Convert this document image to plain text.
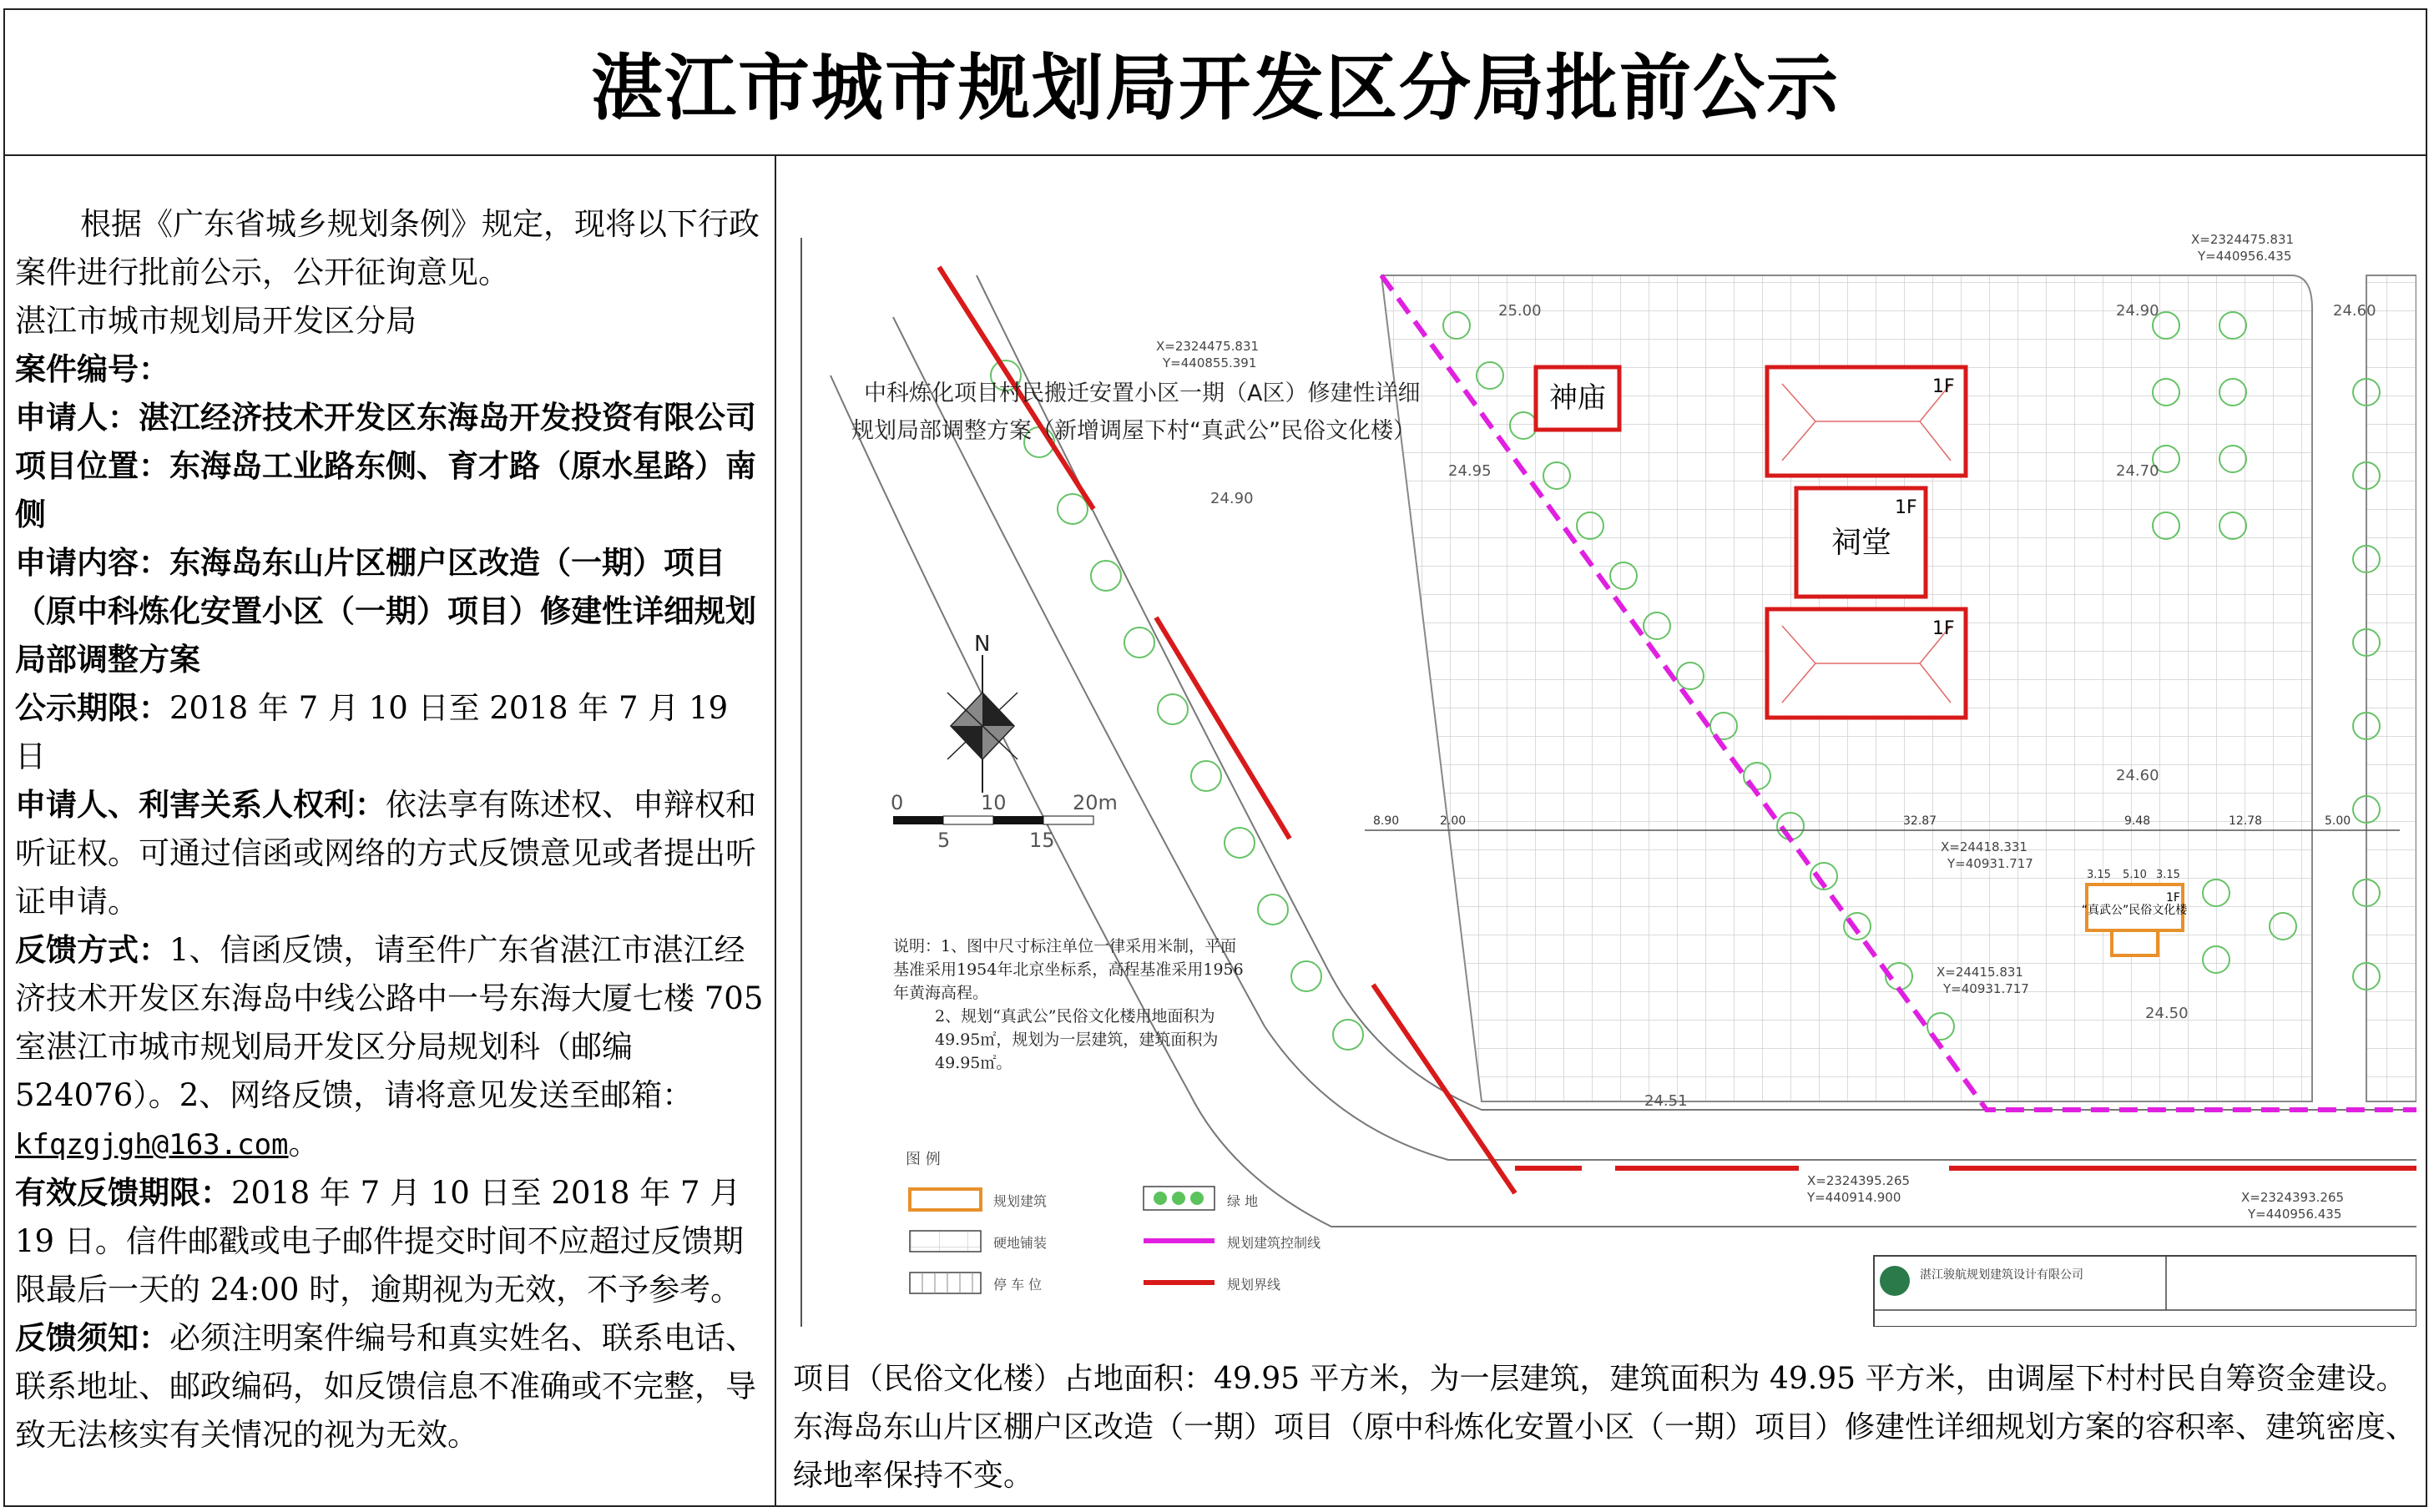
湛江市城市规划局开发区分局批前公示

根据《广东省城乡规划条例》规定，现将以下行政案件进行批前公示，公开征询意见。

湛江市城市规划局开发区分局

案件编号：

申请人：湛江经济技术开发区东海岛开发投资有限公司

项目位置：东海岛工业路东侧、育才路（原水星路）南侧

申请内容：东海岛东山片区棚户区改造（一期）项目（原中科炼化安置小区（一期）项目）修建性详细规划局部调整方案

公示期限：2018 年 7 月 10 日至 2018 年 7 月 19 日

申请人、利害关系人权利：依法享有陈述权、申辩权和听证权。可通过信函或网络的方式反馈意见或者提出听证申请。

反馈方式：1、信函反馈，请至件广东省湛江市湛江经济技术开发区东海岛中线公路中一号东海大厦七楼 705 室湛江市城市规划局开发区分局规划科（邮编 524076）。2、网络反馈，请将意见发送至邮箱：
kfqzgjgh@163.com。

有效反馈期限：2018 年 7 月 10 日至 2018 年 7 月 19 日。信件邮戳或电子邮件提交时间不应超过反馈期限最后一天的 24:00 时，逾期视为无效，不予参考。

反馈须知：必须注明案件编号和真实姓名、联系电话、联系地址、邮政编码，如反馈信息不准确或不完整，导致无法核实有关情况的视为无效。

神庙	1F
祠堂
1F
1F
“真武公”民俗文化楼
1F
8.90	2.00	32.87	9.48	12.78	5.00
3.15 5.10 3.15
25.00	24.90	24.60
24.95
24.90
24.70
24.60
24.50
24.51
X=2324475.831
Y=440956.435
X=2324475.831
Y=440855.391
X=24418.331
Y=40931.717
X=24415.831
Y=40931.717
X=2324395.265
Y=440914.900	X=2324393.265
Y=440956.435
中科炼化项目村民搬迁安置小区一期（A区）修建性详细
规划局部调整方案（新增调屋下村“真武公”民俗文化楼）
N
0	10	20m
5	15
说明：1、图中尺寸标注单位一律采用米制，平面基准采用1954年北京坐标系，高程基准采用1956年黄海高程。
2、规划“真武公”民俗文化楼用地面积为49.95㎡，规划为一层建筑，建筑面积为49.95㎡。
图 例
规划建筑	绿 地
硬地铺装	规划建筑控制线
停 车 位	规划界线
湛江骏航规划建筑设计有限公司
项目（民俗文化楼）占地面积：49.95 平方米，为一层建筑，建筑面积为 49.95 平方米，由调屋下村村民自筹资金建设。东海岛东山片区棚户区改造（一期）项目（原中科炼化安置小区（一期）项目）修建性详细规划方案的容积率、建筑密度、绿地率保持不变。
